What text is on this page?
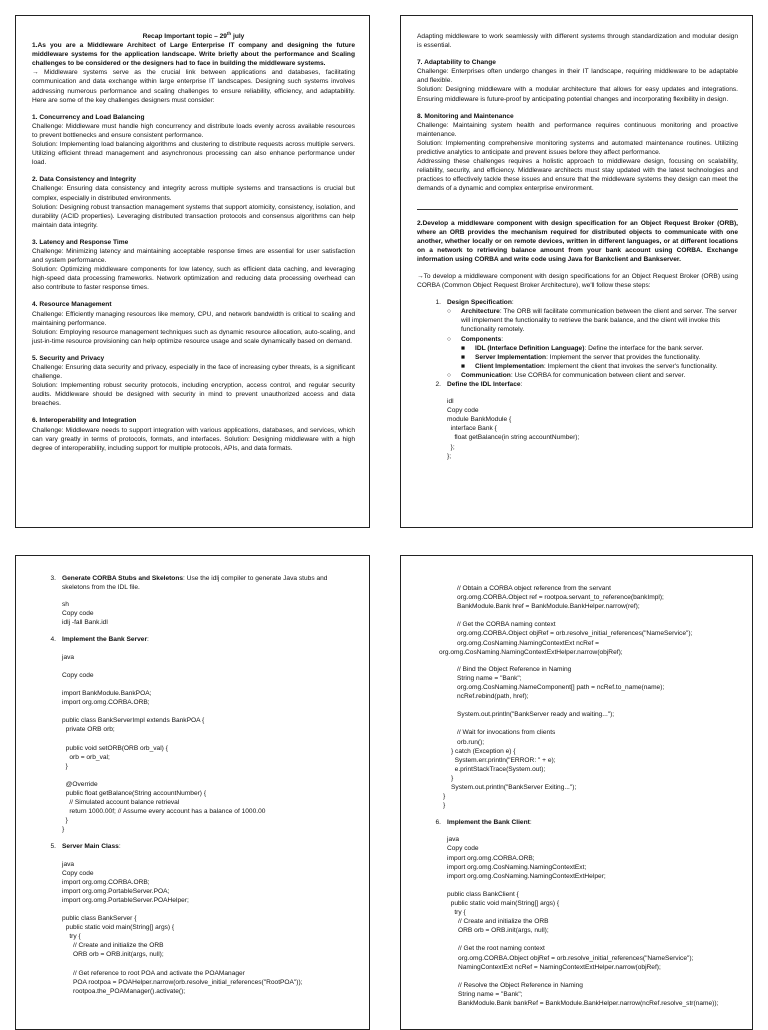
Recap Important topic – 29th july

1.As you are a Middleware Architect of Large Enterprise IT company and designing the future middleware systems for the application landscape. Write briefly about the performance and Scaling challenges to be considered or the designers had to face in building the middleware systems.

→ Middleware systems serve as the crucial link between applications and databases, facilitating communication and data exchange within large enterprise IT landscapes. Designing such systems involves addressing numerous performance and scaling challenges to ensure reliability, efficiency, and adaptability. Here are some of the key challenges designers must consider:

1. Concurrency and Load Balancing

Challenge: Middleware must handle high concurrency and distribute loads evenly across available resources to prevent bottlenecks and ensure consistent performance.

Solution: Implementing load balancing algorithms and clustering to distribute requests across multiple servers. Utilizing efficient thread management and asynchronous processing can also enhance performance under load.

2. Data Consistency and Integrity

Challenge: Ensuring data consistency and integrity across multiple systems and transactions is crucial but complex, especially in distributed environments.

Solution: Designing robust transaction management systems that support atomicity, consistency, isolation, and durability (ACID properties). Leveraging distributed transaction protocols and consensus algorithms can help maintain data integrity.

3. Latency and Response Time

Challenge: Minimizing latency and maintaining acceptable response times are essential for user satisfaction and system performance.

Solution: Optimizing middleware components for low latency, such as efficient data caching, and leveraging high-speed data processing frameworks. Network optimization and reducing data processing overhead can also contribute to faster response times.

4. Resource Management

Challenge: Efficiently managing resources like memory, CPU, and network bandwidth is critical to scaling and maintaining performance.

Solution: Employing resource management techniques such as dynamic resource allocation, auto-scaling, and just-in-time resource provisioning can help optimize resource usage and scale dynamically based on demand.

5. Security and Privacy

Challenge: Ensuring data security and privacy, especially in the face of increasing cyber threats, is a significant challenge.

Solution: Implementing robust security protocols, including encryption, access control, and regular security audits. Middleware should be designed with security in mind to prevent unauthorized access and data breaches.

6. Interoperability and Integration

Challenge: Middleware needs to support integration with various applications, databases, and services, which can vary greatly in terms of protocols, formats, and interfaces. Solution: Designing middleware with a high degree of interoperability, including support for multiple protocols, APIs, and data formats.

Adapting middleware to work seamlessly with different systems through standardization and modular design is essential.

7. Adaptability to Change

Challenge: Enterprises often undergo changes in their IT landscape, requiring middleware to be adaptable and flexible.

Solution: Designing middleware with a modular architecture that allows for easy updates and integrations. Ensuring middleware is future-proof by anticipating potential changes and incorporating flexibility in design.

8. Monitoring and Maintenance

Challenge: Maintaining system health and performance requires continuous monitoring and proactive maintenance.

Solution: Implementing comprehensive monitoring systems and automated maintenance routines. Utilizing predictive analytics to anticipate and prevent issues before they affect performance.

Addressing these challenges requires a holistic approach to middleware design, focusing on scalability, reliability, security, and efficiency. Middleware architects must stay updated with the latest technologies and practices to effectively tackle these issues and ensure that the middleware systems they design can meet the demands of a dynamic and complex enterprise environment.

2.Develop a middleware component with design specification for an Object Request Broker (ORB), where an ORB provides the mechanism required for distributed objects to communicate with one another, whether locally or on remote devices, written in different languages, or at different locations on a network to retrieving balance amount from your bank account using CORBA. Exchange information using CORBA and write code using Java for Bankclient and Bankserver.

→To develop a middleware component with design specifications for an Object Request Broker (ORB) using CORBA (Common Object Request Broker Architecture), we'll follow these steps:

1. Design Specification:
○	Architecture: The ORB will facilitate communication between the client and server. The server will implement the functionality to retrieve the bank balance, and the client will invoke this functionality remotely.
○	Components:
■	IDL (Interface Definition Language): Define the interface for the bank server.
■	Server Implementation: Implement the server that provides the functionality.
■	Client Implementation: Implement the client that invokes the server's functionality.
○	Communication: Use CORBA for communication between client and server.
2. Define the IDL Interface:
idl
Copy code
module BankModule {
interface Bank {
float getBalance(in string accountNumber);
};
};
3. Generate CORBA Stubs and Skeletons: Use the idlj compiler to generate Java stubs and skeletons from the IDL file.
sh
Copy code
idlj -fall Bank.idl
4. Implement the Bank Server:
java

Copy code

import BankModule.BankPOA;
import org.omg.CORBA.ORB;

public class BankServerImpl extends BankPOA {
private ORB orb;

public void setORB(ORB orb_val) {
orb = orb_val;
}

@Override
public float getBalance(String accountNumber) {
// Simulated account balance retrieval
return 1000.00f; // Assume every account has a balance of 1000.00
}
}
5. Server Main Class:
java
Copy code
import org.omg.CORBA.ORB;
import org.omg.PortableServer.POA;
import org.omg.PortableServer.POAHelper;

public class BankServer {
public static void main(String[] args) {
try {
// Create and initialize the ORB
ORB orb = ORB.init(args, null);

// Get reference to root POA and activate the POAManager
POA rootpoa = POAHelper.narrow(orb.resolve_initial_references("RootPOA"));
rootpoa.the_POAManager().activate();
// Obtain a CORBA object reference from the servant
org.omg.CORBA.Object ref = rootpoa.servant_to_reference(bankImpl);
BankModule.Bank href = BankModule.BankHelper.narrow(ref);

// Get the CORBA naming context
org.omg.CORBA.Object objRef = orb.resolve_initial_references("NameService");
org.omg.CosNaming.NamingContextExt ncRef =
org.omg.CosNaming.NamingContextExtHelper.narrow(objRef);
// Bind the Object Reference in Naming
String name = "Bank";
org.omg.CosNaming.NameComponent[] path = ncRef.to_name(name);
ncRef.rebind(path, href);

System.out.println("BankServer ready and waiting...");

// Wait for invocations from clients
orb.run();
} catch (Exception e) {
System.err.println("ERROR: " + e);
e.printStackTrace(System.out);
}
System.out.println("BankServer Exiting...");
}
}
6. Implement the Bank Client:
java
Copy code
import org.omg.CORBA.ORB;
import org.omg.CosNaming.NamingContextExt;
import org.omg.CosNaming.NamingContextExtHelper;

public class BankClient {
public static void main(String[] args) {
try {
// Create and initialize the ORB
ORB orb = ORB.init(args, null);

// Get the root naming context
org.omg.CORBA.Object objRef = orb.resolve_initial_references("NameService");
NamingContextExt ncRef = NamingContextExtHelper.narrow(objRef);

// Resolve the Object Reference in Naming
String name = "Bank";
BankModule.Bank bankRef = BankModule.BankHelper.narrow(ncRef.resolve_str(name));
